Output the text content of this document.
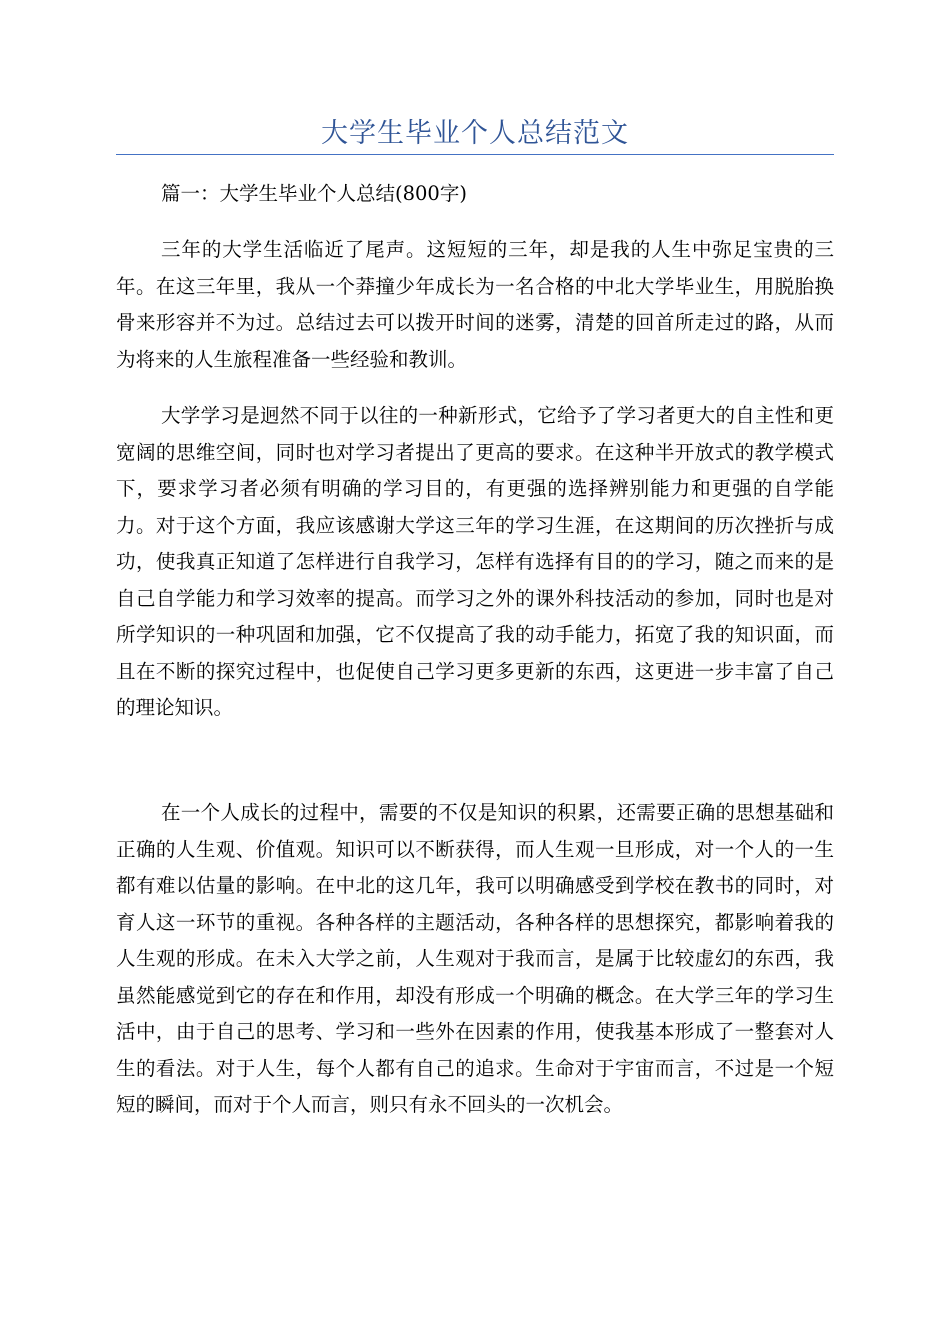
大学生毕业个人总结范文
篇一：大学生毕业个人总结(800字)

三年的大学生活临近了尾声。这短短的三年，却是我的人生中弥足宝贵的三年。在这三年里，我从一个莽撞少年成长为一名合格的中北大学毕业生，用脱胎换骨来形容并不为过。总结过去可以拨开时间的迷雾，清楚的回首所走过的路，从而为将来的人生旅程准备一些经验和教训。

大学学习是迥然不同于以往的一种新形式，它给予了学习者更大的自主性和更宽阔的思维空间，同时也对学习者提出了更高的要求。在这种半开放式的教学模式下，要求学习者必须有明确的学习目的，有更强的选择辨别能力和更强的自学能力。对于这个方面，我应该感谢大学这三年的学习生涯，在这期间的历次挫折与成功，使我真正知道了怎样进行自我学习，怎样有选择有目的的学习，随之而来的是自己自学能力和学习效率的提高。而学习之外的课外科技活动的参加，同时也是对所学知识的一种巩固和加强，它不仅提高了我的动手能力，拓宽了我的知识面，而且在不断的探究过程中，也促使自己学习更多更新的东西，这更进一步丰富了自己的理论知识。

在一个人成长的过程中，需要的不仅是知识的积累，还需要正确的思想基础和正确的人生观、价值观。知识可以不断获得，而人生观一旦形成，对一个人的一生都有难以估量的影响。在中北的这几年，我可以明确感受到学校在教书的同时，对育人这一环节的重视。各种各样的主题活动，各种各样的思想探究，都影响着我的人生观的形成。在未入大学之前，人生观对于我而言，是属于比较虚幻的东西，我虽然能感觉到它的存在和作用，却没有形成一个明确的概念。在大学三年的学习生活中，由于自己的思考、学习和一些外在因素的作用，使我基本形成了一整套对人生的看法。对于人生，每个人都有自己的追求。生命对于宇宙而言，不过是一个短短的瞬间，而对于个人而言，则只有永不回头的一次机会。
